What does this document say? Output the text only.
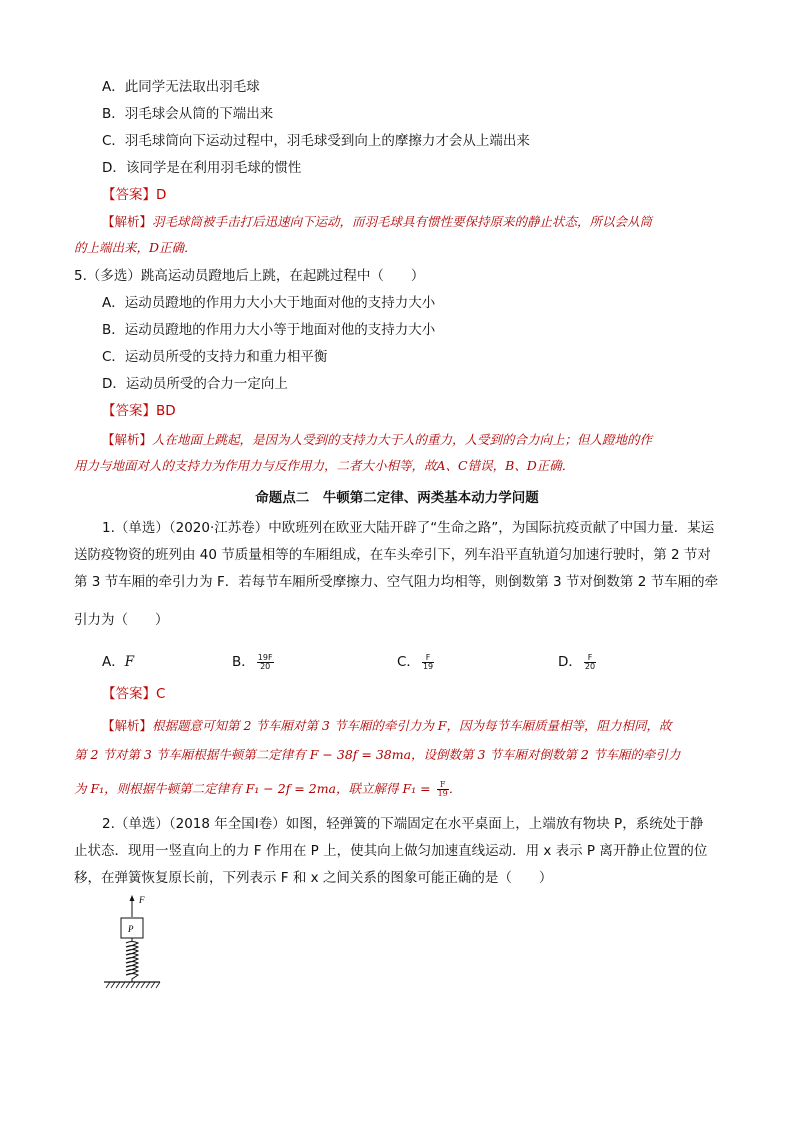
A．此同学无法取出羽毛球
B．羽毛球会从筒的下端出来
C．羽毛球筒向下运动过程中，羽毛球受到向上的摩擦力才会从上端出来
D．该同学是在利用羽毛球的惯性
【答案】D
【解析】羽毛球筒被手击打后迅速向下运动，而羽毛球具有惯性要保持原来的静止状态，所以会从筒
的上端出来，D正确．
5.（多选）跳高运动员蹬地后上跳，在起跳过程中（　　）
A．运动员蹬地的作用力大小大于地面对他的支持力大小
B．运动员蹬地的作用力大小等于地面对他的支持力大小
C．运动员所受的支持力和重力相平衡
D．运动员所受的合力一定向上
【答案】BD
【解析】人在地面上跳起，是因为人受到的支持力大于人的重力，人受到的合力向上；但人蹬地的作
用力与地面对人的支持力为作用力与反作用力，二者大小相等，故A、C错误，B、D正确．
命题点二　牛顿第二定律、两类基本动力学问题
1.（单选）（2020·江苏卷）中欧班列在欧亚大陆开辟了“生命之路”，为国际抗疫贡献了中国力量．某运
送防疫物资的班列由 40 节质量相等的车厢组成，在车头牵引下，列车沿平直轨道匀加速行驶时，第 2 节对
第 3 节车厢的牵引力为 F．若每节车厢所受摩擦力、空气阻力均相等，则倒数第 3 节对倒数第 2 节车厢的牵
引力为（　　）
A．F	B． $\frac{19F}{20}$	C． $\frac{F}{19}$	D． $\frac{F}{20}$
【答案】C
【解析】根据题意可知第 2 节车厢对第 3 节车厢的牵引力为 F，因为每节车厢质量相等，阻力相同，故
第 2 节对第 3 节车厢根据牛顿第二定律有 F − 38f = 38ma，设倒数第 3 节车厢对倒数第 2 节车厢的牵引力
为 F₁，则根据牛顿第二定律有 F₁ − 2f = 2ma，联立解得 $F_1 = \frac{F}{19}$ ．
2.（单选）（2018 年全国Ⅰ卷）如图，轻弹簧的下端固定在水平桌面上，上端放有物块 P，系统处于静
止状态．现用一竖直向上的力 F 作用在 P 上，使其向上做匀加速直线运动．用 x 表示 P 离开静止位置的位
移，在弹簧恢复原长前，下列表示 F 和 x 之间关系的图象可能正确的是（　　）
F
P
